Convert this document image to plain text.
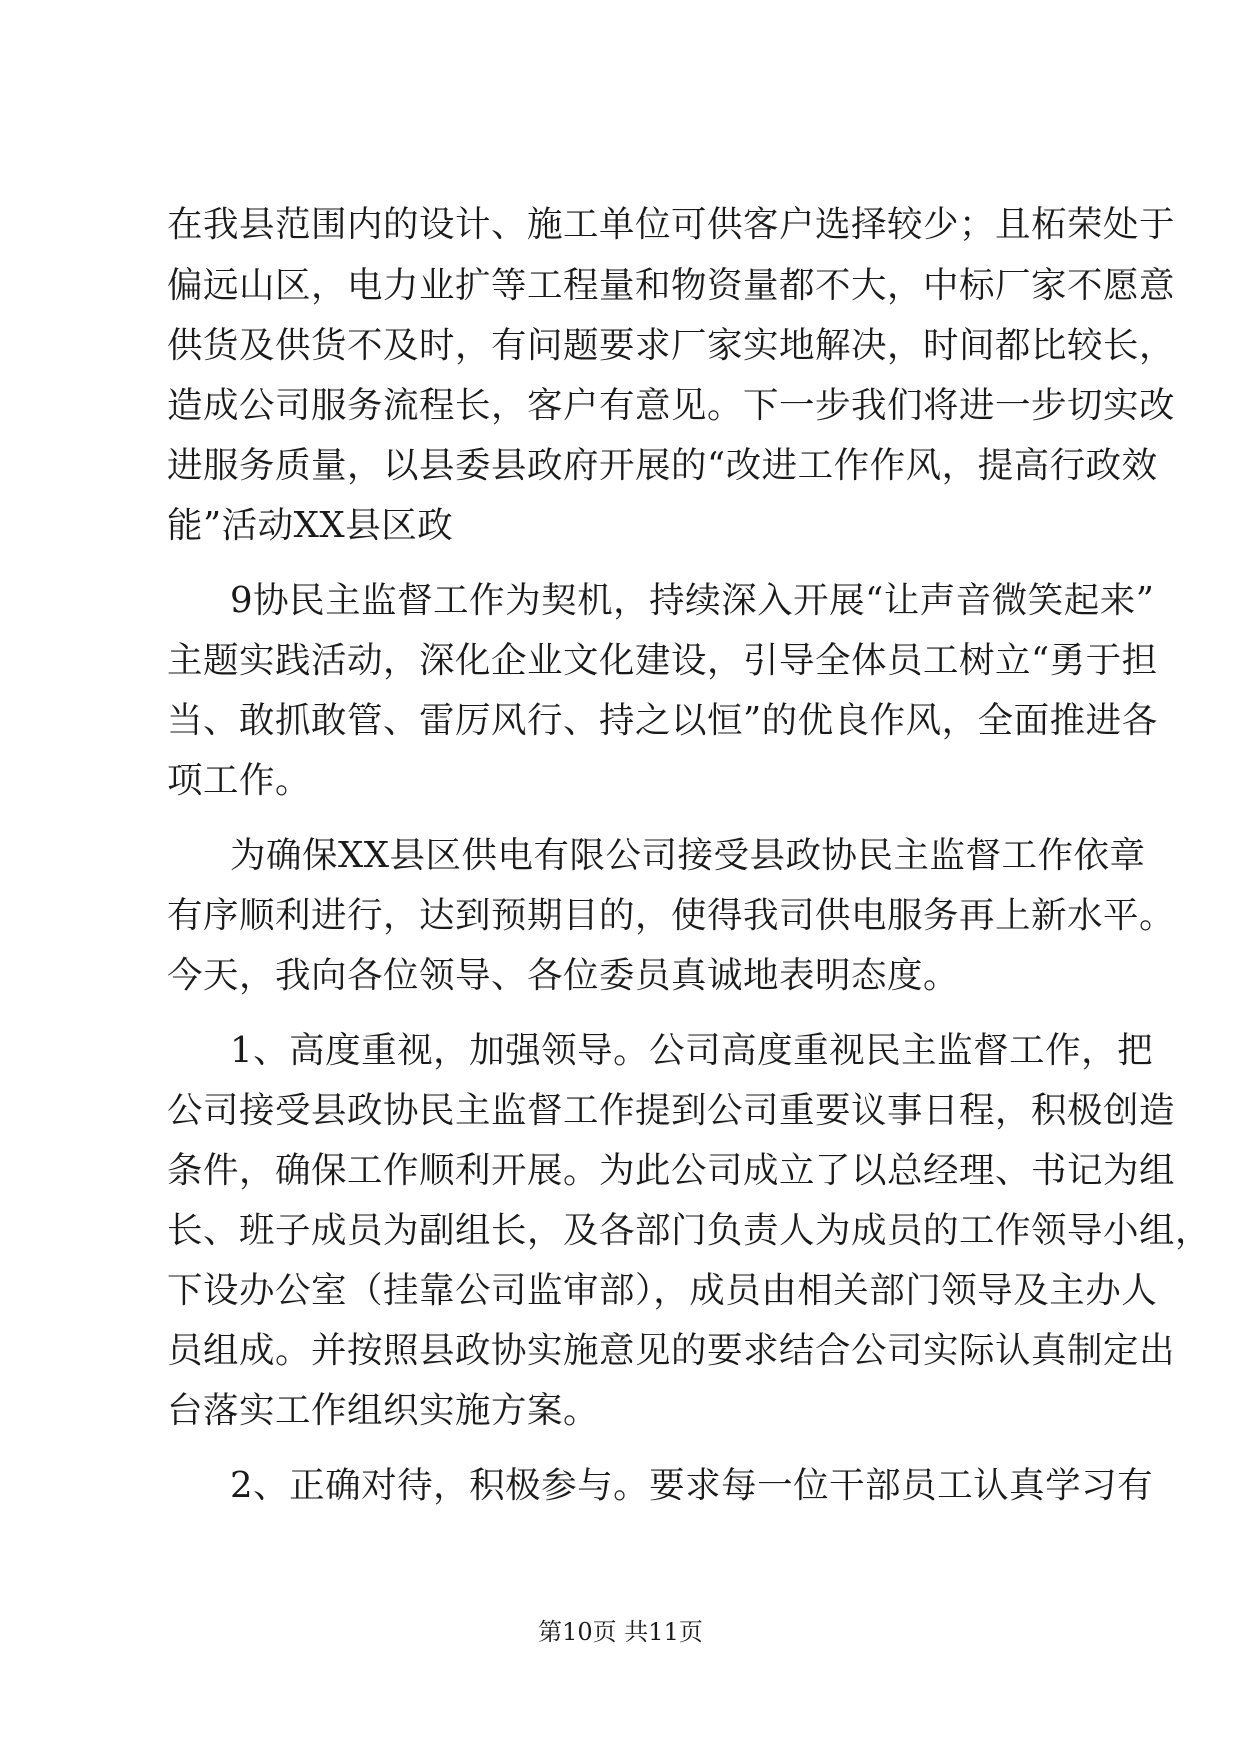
在我县范围内的设计、施工单位可供客户选择较少；且柘荣处于
偏远山区，电力业扩等工程量和物资量都不大，中标厂家不愿意
供货及供货不及时，有问题要求厂家实地解决，时间都比较长，
造成公司服务流程长，客户有意见。下一步我们将进一步切实改
进服务质量，以县委县政府开展的“改进工作作风，提高行政效
能”活动XX县区政
9协民主监督工作为契机，持续深入开展“让声音微笑起来”
主题实践活动，深化企业文化建设，引导全体员工树立“勇于担
当、敢抓敢管、雷厉风行、持之以恒”的优良作风，全面推进各
项工作。
为确保XX县区供电有限公司接受县政协民主监督工作依章
有序顺利进行，达到预期目的，使得我司供电服务再上新水平。
今天，我向各位领导、各位委员真诚地表明态度。
1、高度重视，加强领导。公司高度重视民主监督工作，把
公司接受县政协民主监督工作提到公司重要议事日程，积极创造
条件，确保工作顺利开展。为此公司成立了以总经理、书记为组
长、班子成员为副组长，及各部门负责人为成员的工作领导小组，
下设办公室（挂靠公司监审部），成员由相关部门领导及主办人
员组成。并按照县政协实施意见的要求结合公司实际认真制定出
台落实工作组织实施方案。
2、正确对待，积极参与。要求每一位干部员工认真学习有
第10页 共11页
